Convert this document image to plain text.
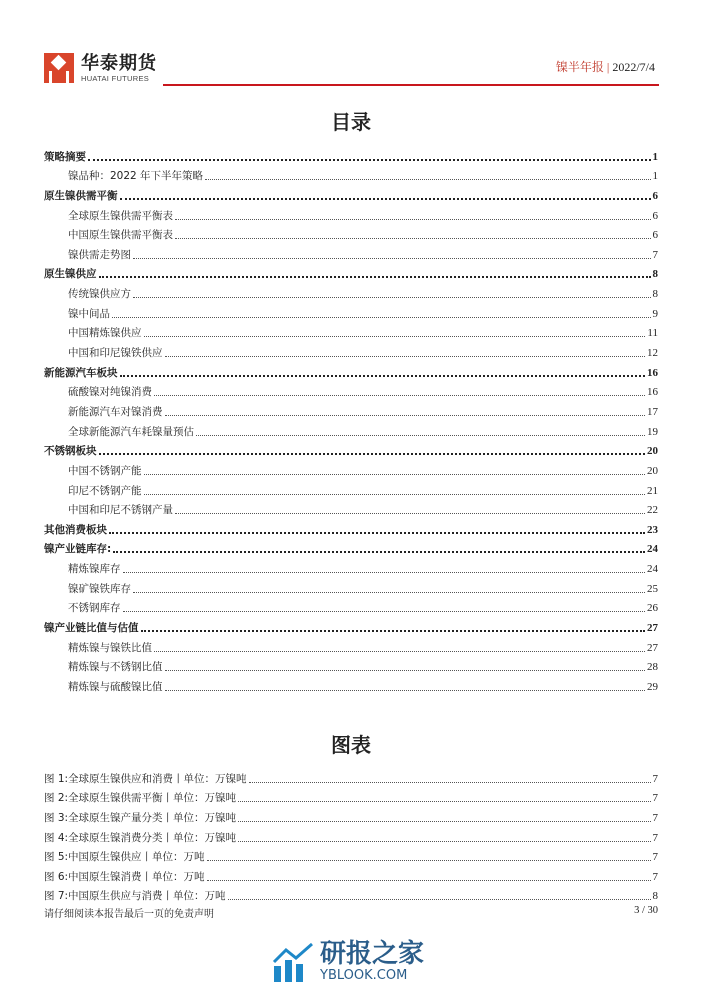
华泰期货
HUATAI FUTURES
镍半年报 | 2022/7/4
目录
策略摘要	1
镍品种：2022 年下半年策略	1
原生镍供需平衡	6
全球原生镍供需平衡表	6
中国原生镍供需平衡表	6
镍供需走势图	7
原生镍供应	8
传统镍供应方	8
镍中间品	9
中国精炼镍供应	11
中国和印尼镍铁供应	12
新能源汽车板块	16
硫酸镍对纯镍消费	16
新能源汽车对镍消费	17
全球新能源汽车耗镍量预估	19
不锈钢板块	20
中国不锈钢产能	20
印尼不锈钢产能	21
中国和印尼不锈钢产量	22
其他消费板块	23
镍产业链库存:	24
精炼镍库存	24
镍矿镍铁库存	25
不锈钢库存	26
镍产业链比值与估值	27
精炼镍与镍铁比值	27
精炼镍与不锈钢比值	28
精炼镍与硫酸镍比值	29
图表
图 1:全球原生镍供应和消费丨单位：万镍吨	7
图 2:全球原生镍供需平衡丨单位：万镍吨	7
图 3:全球原生镍产量分类丨单位：万镍吨	7
图 4:全球原生镍消费分类丨单位：万镍吨	7
图 5:中国原生镍供应丨单位：万吨	7
图 6:中国原生镍消费丨单位：万吨	7
图 7:中国原生供应与消费丨单位：万吨	8
请仔细阅读本报告最后一页的免责声明	3 / 30
研报之家
YBLOOK.COM
